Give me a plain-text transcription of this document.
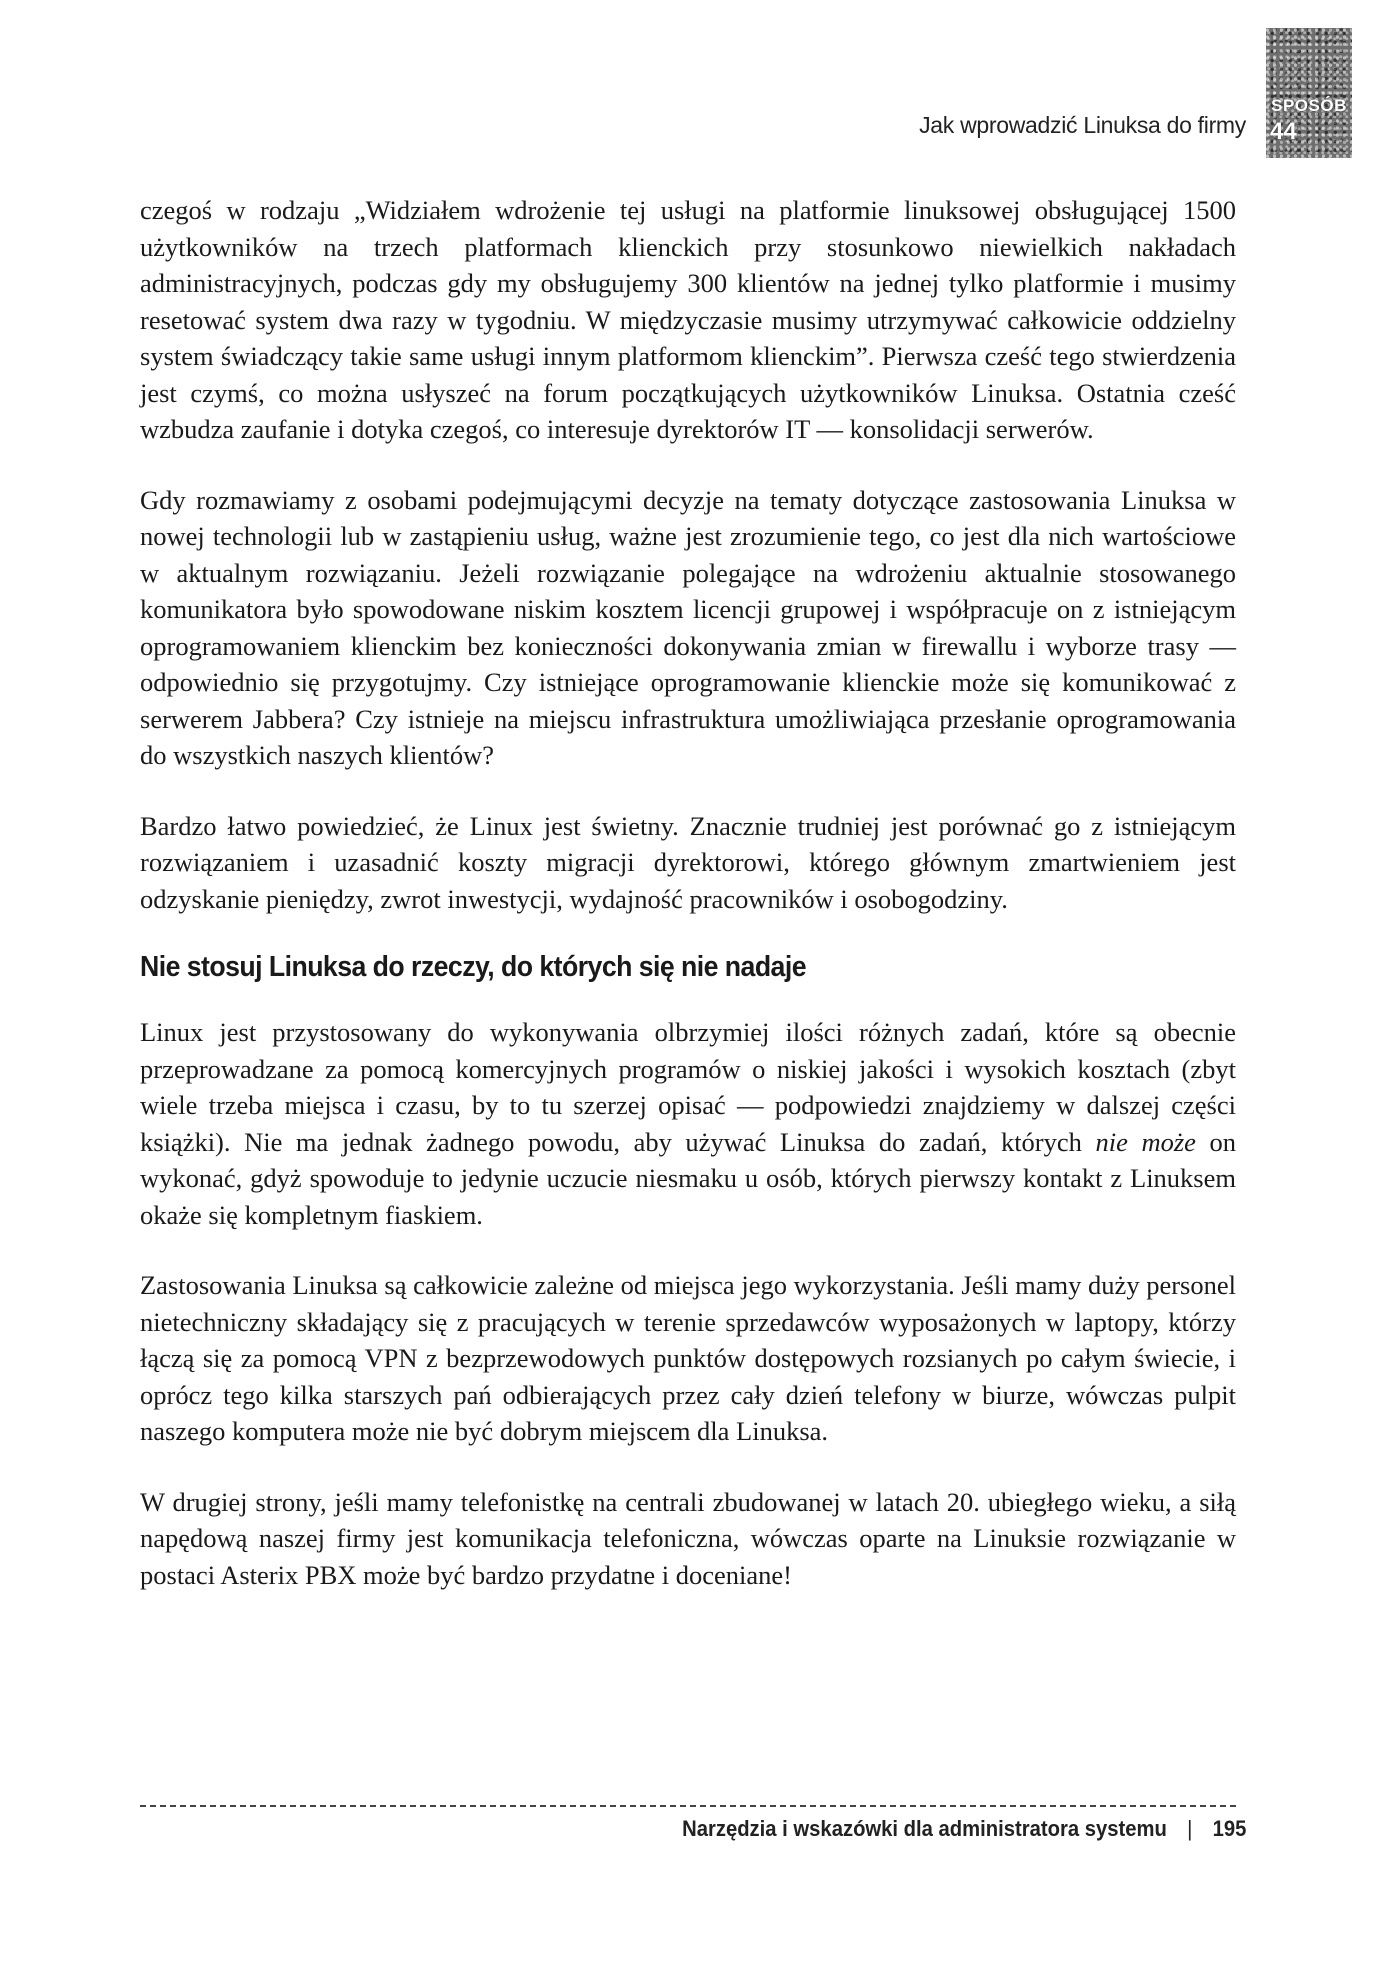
Jak wprowadzić Linuksa do firmy
SPOSÓB
44

czegoś w rodzaju „Widziałem wdrożenie tej usługi na platformie linuksowej obsługującej 1500 użytkowników na trzech platformach klienckich przy stosunkowo niewielkich nakładach administracyjnych, podczas gdy my obsługujemy 300 klientów na jednej tylko platformie i musimy resetować system dwa razy w tygodniu. W międzyczasie musimy utrzymywać całkowicie oddzielny system świadczący takie same usługi innym platformom klienckim”. Pierwsza cześć tego stwierdzenia jest czymś, co można usłyszeć na forum początkujących użytkowników Linuksa. Ostatnia cześć wzbudza zaufanie i dotyka czegoś, co interesuje dyrektorów IT — konsolidacji serwerów.

Gdy rozmawiamy z osobami podejmującymi decyzje na tematy dotyczące zastosowania Linuksa w nowej technologii lub w zastąpieniu usług, ważne jest zrozumienie tego, co jest dla nich wartościowe w aktualnym rozwiązaniu. Jeżeli rozwiązanie polegające na wdrożeniu aktualnie stosowanego komunikatora było spowodowane niskim kosztem licencji grupowej i współpracuje on z istniejącym oprogramowaniem klienckim bez konieczności dokonywania zmian w firewallu i wyborze trasy — odpowiednio się przygotujmy. Czy istniejące oprogramowanie klienckie może się komunikować z serwerem Jabbera? Czy istnieje na miejscu infrastruktura umożliwiająca przesłanie oprogramowania do wszystkich naszych klientów?

Bardzo łatwo powiedzieć, że Linux jest świetny. Znacznie trudniej jest porównać go z istniejącym rozwiązaniem i uzasadnić koszty migracji dyrektorowi, którego głównym zmartwieniem jest odzyskanie pieniędzy, zwrot inwestycji, wydajność pracowników i osobogodziny.

Nie stosuj Linuksa do rzeczy, do których się nie nadaje

Linux jest przystosowany do wykonywania olbrzymiej ilości różnych zadań, które są obecnie przeprowadzane za pomocą komercyjnych programów o niskiej jakości i wysokich kosztach (zbyt wiele trzeba miejsca i czasu, by to tu szerzej opisać — podpowiedzi znajdziemy w dalszej części książki). Nie ma jednak żadnego powodu, aby używać Linuksa do zadań, których nie może on wykonać, gdyż spowoduje to jedynie uczucie niesmaku u osób, których pierwszy kontakt z Linuksem okaże się kompletnym fiaskiem.

Zastosowania Linuksa są całkowicie zależne od miejsca jego wykorzystania. Jeśli mamy duży personel nietechniczny składający się z pracujących w terenie sprzedawców wyposażonych w laptopy, którzy łączą się za pomocą VPN z bezprzewodowych punktów dostępowych rozsianych po całym świecie, i oprócz tego kilka starszych pań odbierających przez cały dzień telefony w biurze, wówczas pulpit naszego komputera może nie być dobrym miejscem dla Linuksa.

W drugiej strony, jeśli mamy telefonistkę na centrali zbudowanej w latach 20. ubiegłego wieku, a siłą napędową naszej firmy jest komunikacja telefoniczna, wówczas oparte na Linuksie rozwiązanie w postaci Asterix PBX może być bardzo przydatne i doceniane!

Narzędzia i wskazówki dla administratora systemu | 195
